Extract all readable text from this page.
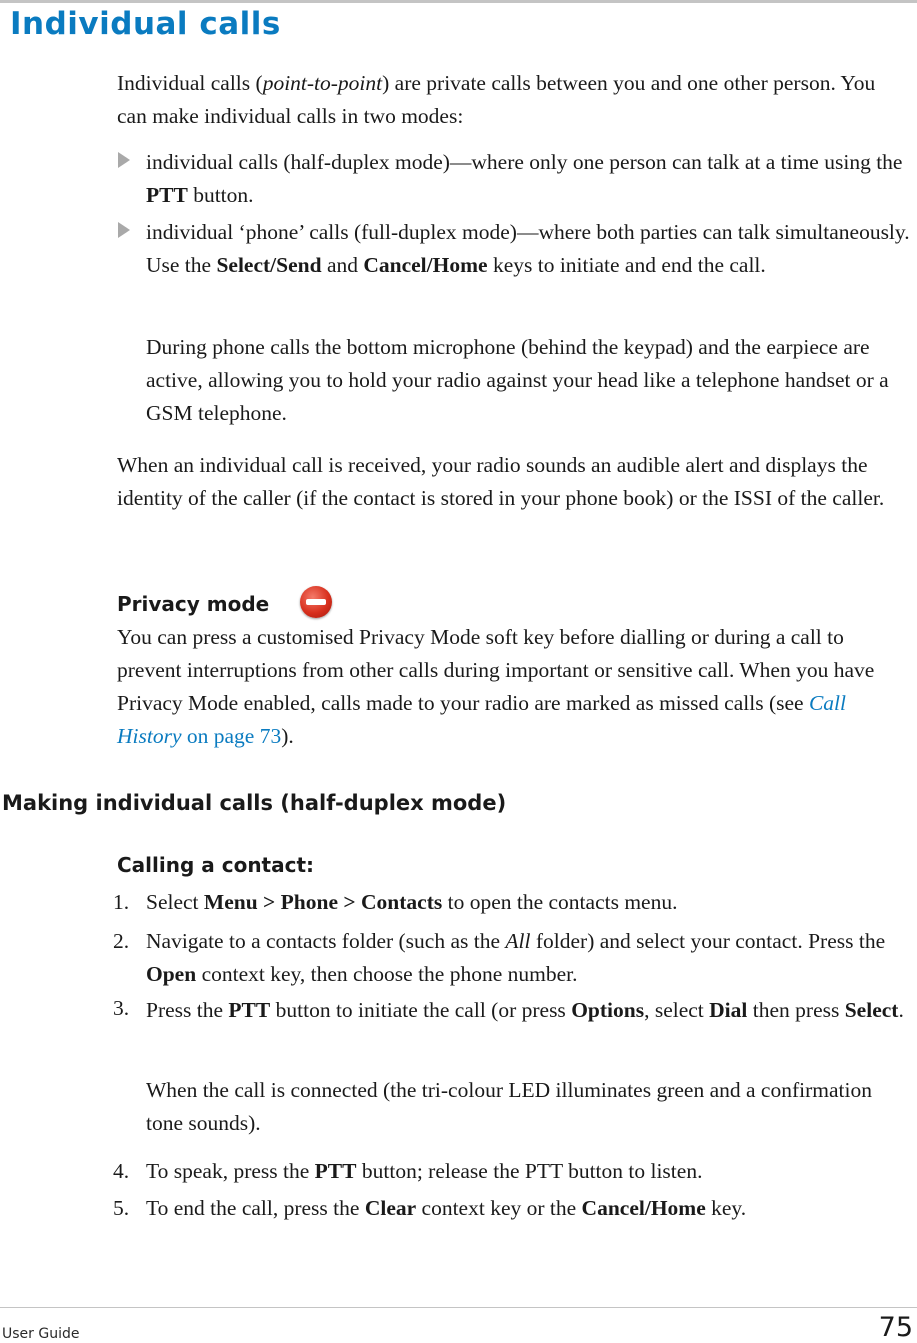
Individual calls

Individual calls (point-to-point) are private calls between you and one other person. You can make individual calls in two modes:

individual calls (half-duplex mode)—where only one person can talk at a time using the PTT button.

individual ‘phone’ calls (full-duplex mode)—where both parties can talk simultaneously. Use the Select/Send and Cancel/Home keys to initiate and end the call.

During phone calls the bottom microphone (behind the keypad) and the earpiece are active, allowing you to hold your radio against your head like a telephone handset or a GSM telephone.

When an individual call is received, your radio sounds an audible alert and displays the identity of the caller (if the contact is stored in your phone book) or the ISSI of the caller.

Privacy mode

You can press a customised Privacy Mode soft key before dialling or during a call to prevent interruptions from other calls during important or sensitive call. When you have Privacy Mode enabled, calls made to your radio are marked as missed calls (see Call History on page 73).

Making individual calls (half-duplex mode)
Calling a contact:
1. Select Menu > Phone > Contacts to open the contacts menu.

2. Navigate to a contacts folder (such as the All folder) and select your contact. Press the Open context key, then choose the phone number.

3. Press the PTT button to initiate the call (or press Options, select Dial then press Select.

When the call is connected (the tri-colour LED illuminates green and a confirmation tone sounds).

4. To speak, press the PTT button; release the PTT button to listen.

5. To end the call, press the Clear context key or the Cancel/Home key.

User Guide	75
